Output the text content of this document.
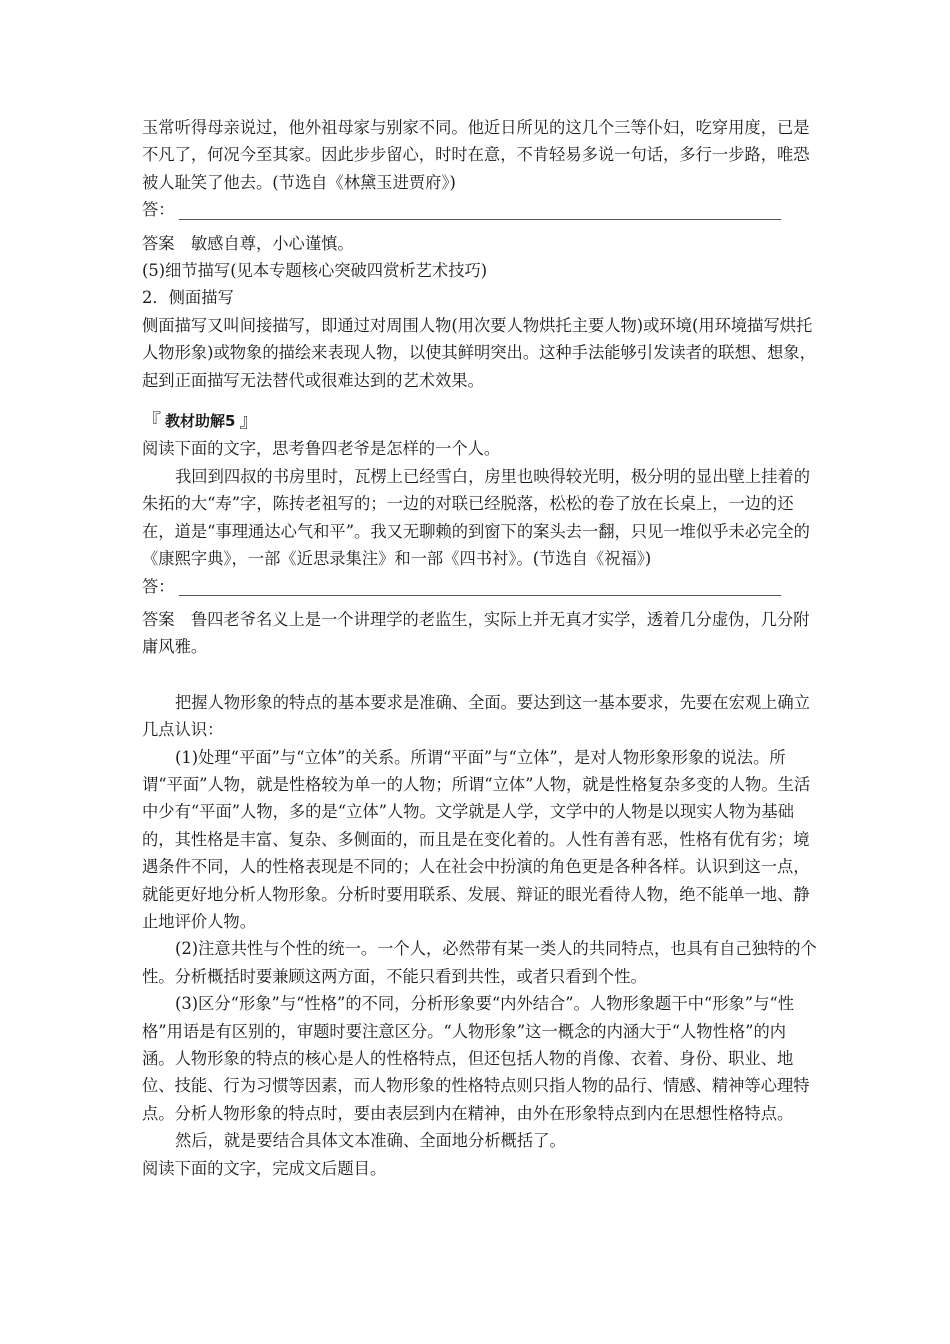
玉常听得母亲说过，他外祖母家与别家不同。他近日所见的这几个三等仆妇，吃穿用度，已是不凡了，何况今至其家。因此步步留心，时时在意，不肯轻易多说一句话，多行一步路，唯恐被人耻笑了他去。(节选自《林黛玉进贾府》)

答：

答案　敏感自尊，小心谨慎。

(5)细节描写(见本专题核心突破四赏析艺术技巧)

2．侧面描写

侧面描写又叫间接描写，即通过对周围人物(用次要人物烘托主要人物)或环境(用环境描写烘托人物形象)或物象的描绘来表现人物，以使其鲜明突出。这种手法能够引发读者的联想、想象，起到正面描写无法替代或很难达到的艺术效果。

『 教材助解5 』

阅读下面的文字，思考鲁四老爷是怎样的一个人。

我回到四叔的书房里时，瓦楞上已经雪白，房里也映得较光明，极分明的显出壁上挂着的朱拓的大“寿”字，陈抟老祖写的；一边的对联已经脱落，松松的卷了放在长桌上，一边的还在，道是“事理通达心气和平”。我又无聊赖的到窗下的案头去一翻，只见一堆似乎未必完全的《康熙字典》，一部《近思录集注》和一部《四书衬》。(节选自《祝福》)

答：

答案　鲁四老爷名义上是一个讲理学的老监生，实际上并无真才实学，透着几分虚伪，几分附庸风雅。

把握人物形象的特点的基本要求是准确、全面。要达到这一基本要求，先要在宏观上确立几点认识：

(1)处理“平面”与“立体”的关系。所谓“平面”与“立体”，是对人物形象形象的说法。所谓“平面”人物，就是性格较为单一的人物；所谓“立体”人物，就是性格复杂多变的人物。生活中少有“平面”人物，多的是“立体”人物。文学就是人学，文学中的人物是以现实人物为基础的，其性格是丰富、复杂、多侧面的，而且是在变化着的。人性有善有恶，性格有优有劣；境遇条件不同，人的性格表现是不同的；人在社会中扮演的角色更是各种各样。认识到这一点，就能更好地分析人物形象。分析时要用联系、发展、辩证的眼光看待人物，绝不能单一地、静止地评价人物。

(2)注意共性与个性的统一。一个人，必然带有某一类人的共同特点，也具有自己独特的个性。分析概括时要兼顾这两方面，不能只看到共性，或者只看到个性。

(3)区分“形象”与“性格”的不同，分析形象要“内外结合”。人物形象题干中“形象”与“性格”用语是有区别的，审题时要注意区分。“人物形象”这一概念的内涵大于“人物性格”的内涵。人物形象的特点的核心是人的性格特点，但还包括人物的肖像、衣着、身份、职业、地位、技能、行为习惯等因素，而人物形象的性格特点则只指人物的品行、情感、精神等心理特点。分析人物形象的特点时，要由表层到内在精神，由外在形象特点到内在思想性格特点。

然后，就是要结合具体文本准确、全面地分析概括了。

阅读下面的文字，完成文后题目。
